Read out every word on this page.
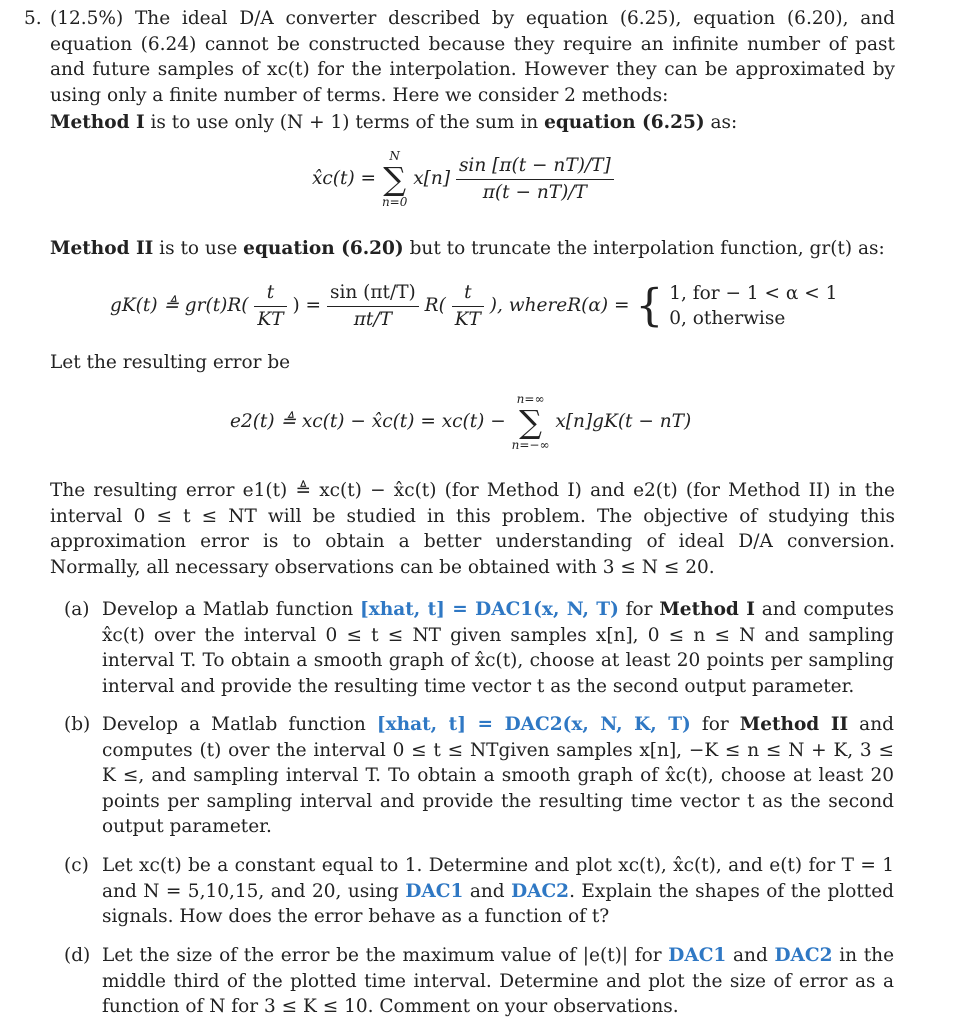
5. (12.5%) The ideal D/A converter described by equation (6.25), equation (6.20), and equation (6.24) cannot be constructed because they require an infinite number of past and future samples of xc(t) for the interpolation. However they can be approximated by using only a finite number of terms. Here we consider 2 methods:
Method I is to use only (N + 1) terms of the sum in equation (6.25) as:
x̂c(t) =
N
∑
n=0
$x[n] \frac{\sin [\pi(t - nT)/T]}{\pi(t - nT)/T}$
Method II is to use equation (6.20) but to truncate the interpolation function, gr(t) as:
gK(t) ≜ $gr(t)R( \frac{t}{KT}$ ) = $\frac{\sin (\pi t/T)}{\pi t/T} R( \frac{t}{KT}$ ), whereR(α) = { 1, for − 1 < α < 1
0, otherwise
Let the resulting error be
e2(t) ≜ xc(t) − x̂c(t) = xc(t) −
n=∞
∑
n=−∞
x[n]gK(t − nT)
The resulting error e1(t) ≜ xc(t) − x̂c(t) (for Method I) and e2(t) (for Method II) in the interval 0 ≤ t ≤ NT will be studied in this problem. The objective of studying this approximation error is to obtain a better understanding of ideal D/A conversion. Normally, all necessary observations can be obtained with 3 ≤ N ≤ 20.
(a) Develop a Matlab function [xhat, t] = DAC1(x, N, T) for Method I and computes x̂c(t) over the interval 0 ≤ t ≤ NT given samples x[n], 0 ≤ n ≤ N and sampling interval T. To obtain a smooth graph of x̂c(t), choose at least 20 points per sampling interval and provide the resulting time vector t as the second output parameter.
(b) Develop a Matlab function [xhat, t] = DAC2(x, N, K, T) for Method II and computes (t) over the interval 0 ≤ t ≤ NTgiven samples x[n], −K ≤ n ≤ N + K, 3 ≤ K ≤, and sampling interval T. To obtain a smooth graph of x̂c(t), choose at least 20 points per sampling interval and provide the resulting time vector t as the second output parameter.
(c) Let xc(t) be a constant equal to 1. Determine and plot xc(t), x̂c(t), and e(t) for T = 1 and N = 5,10,15, and 20, using DAC1 and DAC2. Explain the shapes of the plotted signals. How does the error behave as a function of t?
(d) Let the size of the error be the maximum value of |e(t)| for DAC1 and DAC2 in the middle third of the plotted time interval. Determine and plot the size of error as a function of N for 3 ≤ K ≤ 10. Comment on your observations.
